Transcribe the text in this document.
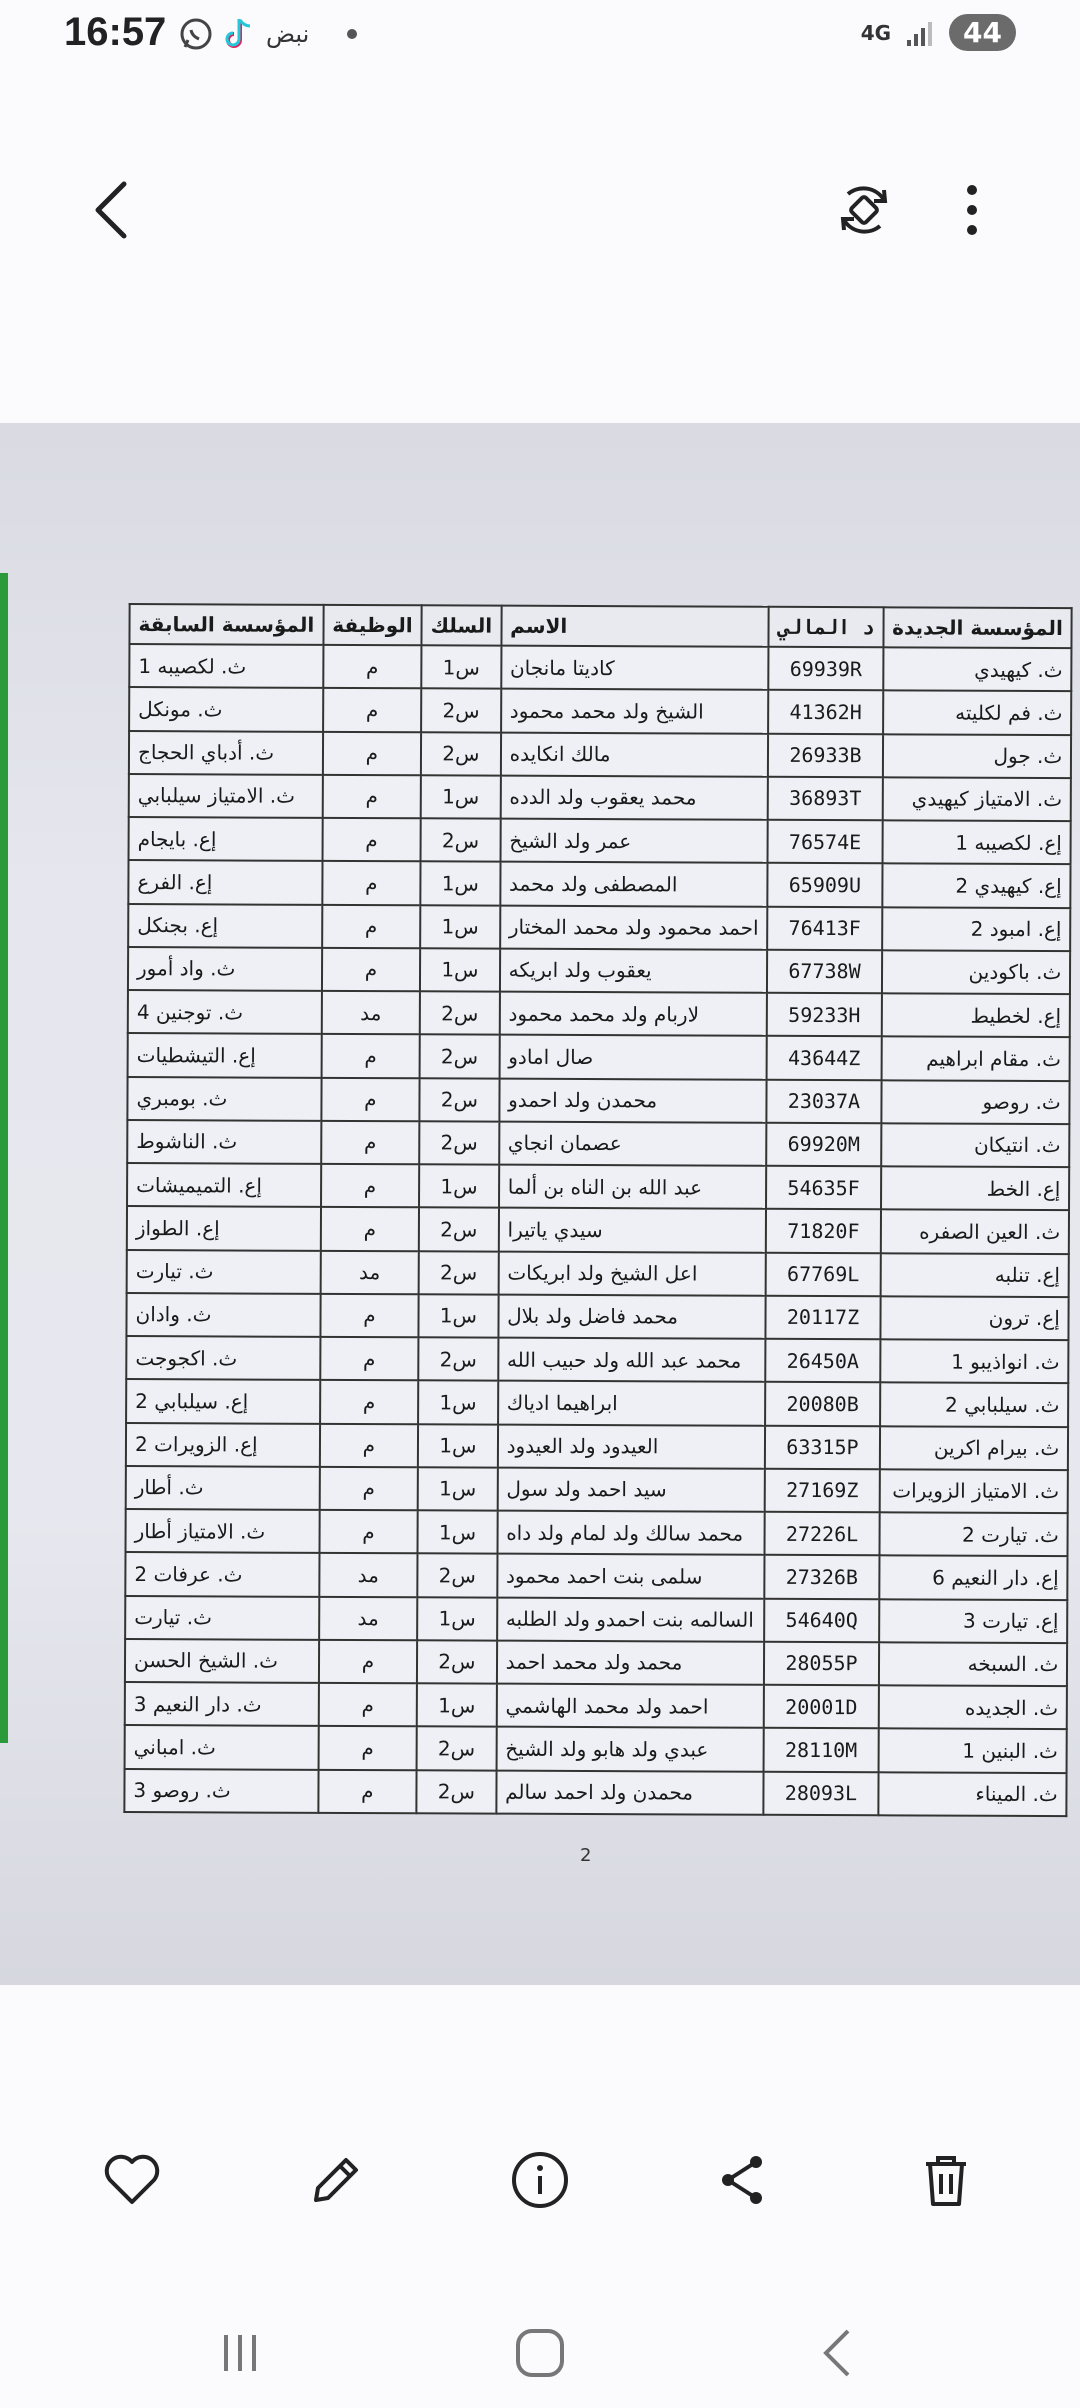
16:57	نبض	4G	44
المؤسسة الجديدة	د المالي	الاسم	السلك	الوظيفة	المؤسسة السابقة
ث. كيهيدي	69939R	كاديتا مانجان	س1	م	ث. لكصيبه 1
ث. فم لكليته	41362H	الشيخ ولد محمد محمود	س2	م	ث. مونكل
ث. جول	26933B	مالك انكايده	س2	م	ث. أدباي الحجاج
ث. الامتياز كيهيدي	36893T	محمد يعقوب ولد الدده	س1	م	ث. الامتياز سيلبابي
إع. لكصيبه 1	76574E	عمر ولد الشيخ	س2	م	إع. بايجام
إع. كيهيدي 2	65909U	المصطفى ولد محمد	س1	م	إع. الفرع
إع. امبود 2	76413F	احمد محمود ولد محمد المختار	س1	م	إع. بجنكل
ث. باكودين	67738W	يعقوب ولد ابريكه	س1	م	ث. واد أمور
إع. لخطيط	59233H	لاربام ولد محمد محمود	س2	مد	ث. توجنين 4
ث. مقام ابراهيم	43644Z	صال امادو	س2	م	إع. التيشطيات
ث. روصو	23037A	محمدن ولد احمدو	س2	م	ث. بومبري
ث. انتيكان	69920M	عصمان انجاي	س2	م	ث. الناشوط
إع. الخط	54635F	عبد الله بن الناه بن ألما	س1	م	إع. التميميشات
ث. العين الصفره	71820F	سيدي ياتيرا	س2	م	إع. الطواز
إع. تنلبه	67769L	اعل الشيخ ولد ابريكات	س2	مد	ث. تيارت
إع. ترون	20117Z	محمد فاضل ولد بلال	س1	م	ث. وادان
ث. انواذيبو 1	26450A	محمد عبد الله ولد حبيب الله	س2	م	ث. اكجوجت
ث. سيلبابي 2	20080B	ابراهيما ادياك	س1	م	إع. سيلبابي 2
ث. بيرام اكرين	63315P	العيدود ولد العيدود	س1	م	إع. الزويرات 2
ث. الامتياز الزويرات	27169Z	سيد احمد ولد سول	س1	م	ث. أطار
ث. تيارت 2	27226L	محمد سالك ولد لمام ولد داه	س1	م	ث. الامتياز أطار
إع. دار النعيم 6	27326B	سلمى بنت احمد محمود	س2	مد	ث. عرفات 2
إع. تيارت 3	54640Q	السالمه بنت احمدو ولد الطلبه	س1	مد	ث. تيارت
ث. السبخه	28055P	محمد ولد محمد احمد	س2	م	ث. الشيخ الحسن
ث. الجديده	20001D	احمد ولد محمد الهاشمي	س1	م	ث. دار النعيم 3
ث. البنين 1	28110M	عبدي ولد هابو ولد الشيخ	س2	م	ث. امباني
ث. الميناء	28093L	محمدن ولد احمد سالم	س2	م	ث. روصو 3
2
